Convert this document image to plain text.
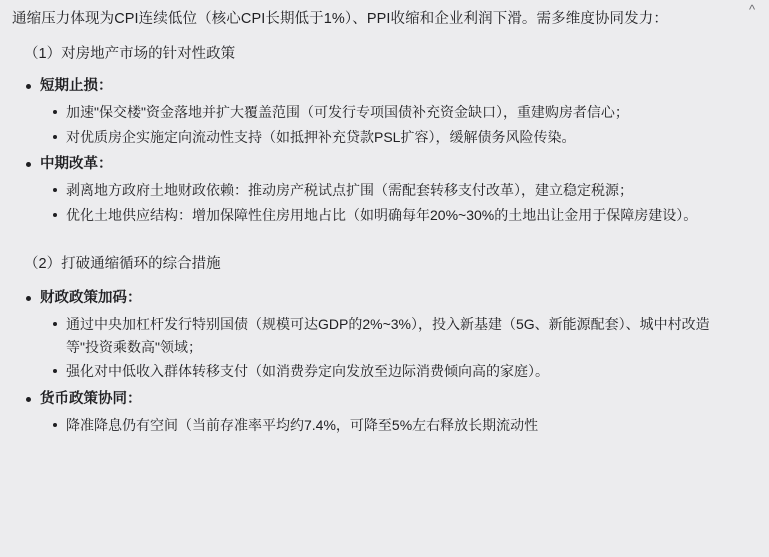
^

通缩压力体现为CPI连续低位（核心CPI长期低于1%）、PPI收缩和企业利润下滑。需多维度协同发力：

（1）对房地产市场的针对性政策

短期止损：
加速"保交楼"资金落地并扩大覆盖范围（可发行专项国债补充资金缺口），重建购房者信心；
对优质房企实施定向流动性支持（如抵押补充贷款PSL扩容），缓解债务风险传染。
中期改革：
剥离地方政府土地财政依赖：推动房产税试点扩围（需配套转移支付改革），建立稳定税源；
优化土地供应结构：增加保障性住房用地占比（如明确每年20%~30%的土地出让金用于保障房建设）。

（2）打破通缩循环的综合措施

财政政策加码：
通过中央加杠杆发行特别国债（规模可达GDP的2%~3%），投入新基建（5G、新能源配套）、城中村改造等"投资乘数高"领域；
强化对中低收入群体转移支付（如消费券定向发放至边际消费倾向高的家庭）。
货币政策协同：
降准降息仍有空间（当前存准率平均约7.4%，可降至5%左右释放长期流动性
